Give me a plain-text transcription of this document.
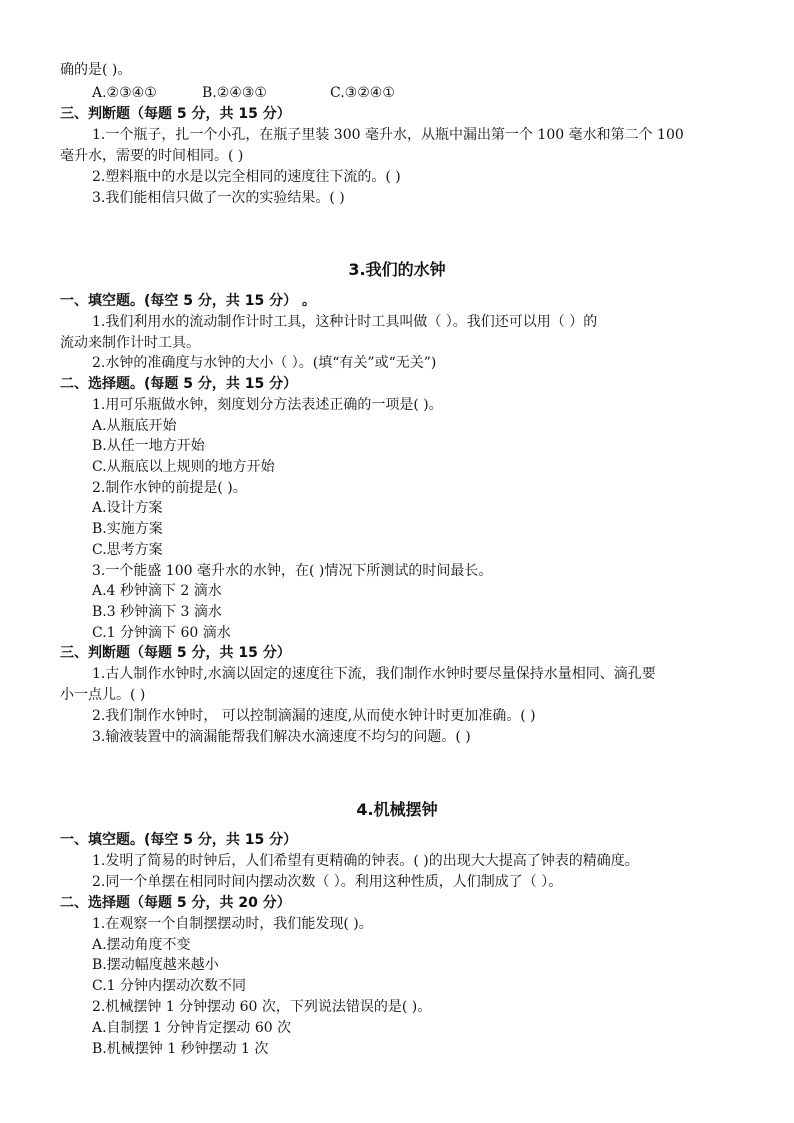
确的是( )。
A.②③④①	B.②④③①	C.③②④①
三、判断题（每题 5 分，共 15 分）
1.一个瓶子，扎一个小孔，在瓶子里装 300 毫升水，从瓶中漏出第一个 100 毫水和第二个 100
毫升水，需要的时间相同。( )
2.塑料瓶中的水是以完全相同的速度往下流的。( )
3.我们能相信只做了一次的实验结果。( )
3.我们的水钟
一、填空题。(每空 5 分，共 15 分） 。
1.我们利用水的流动制作计时工具，这种计时工具叫做（ ）。我们还可以用（ ）的
流动来制作计时工具。
2.水钟的准确度与水钟的大小（ ）。(填“有关”或“无关”)
二、选择题。(每题 5 分，共 15 分）
1.用可乐瓶做水钟，刻度划分方法表述正确的一项是( )。
A.从瓶底开始
B.从任一地方开始
C.从瓶底以上规则的地方开始
2.制作水钟的前提是( )。
A.设计方案
B.实施方案
C.思考方案
3.一个能盛 100 毫升水的水钟，在( )情况下所测试的时间最长。
A.4 秒钟滴下 2 滴水
B.3 秒钟滴下 3 滴水
C.1 分钟滴下 60 滴水
三、判断题（每题 5 分，共 15 分）
1.古人制作水钟时,水滴以固定的速度往下流，我们制作水钟时要尽量保持水量相同、滴孔要
小一点儿。( )
2.我们制作水钟时， 可以控制滴漏的速度,从而使水钟计时更加准确。( )
3.输液装置中的滴漏能帮我们解决水滴速度不均匀的问题。( )
4.机械摆钟
一、填空题。(每空 5 分，共 15 分）
1.发明了简易的时钟后，人们希望有更精确的钟表。( )的出现大大提高了钟表的精确度。
2.同一个单摆在相同时间内摆动次数（ ）。利用这种性质，人们制成了（ ）。
二、选择题（每题 5 分，共 20 分）
1.在观察一个自制摆摆动时，我们能发现( )。
A.摆动角度不变
B.摆动幅度越来越小
C.1 分钟内摆动次数不同
2.机械摆钟 1 分钟摆动 60 次，下列说法错误的是( )。
A.自制摆 1 分钟肯定摆动 60 次
B.机械摆钟 1 秒钟摆动 1 次
